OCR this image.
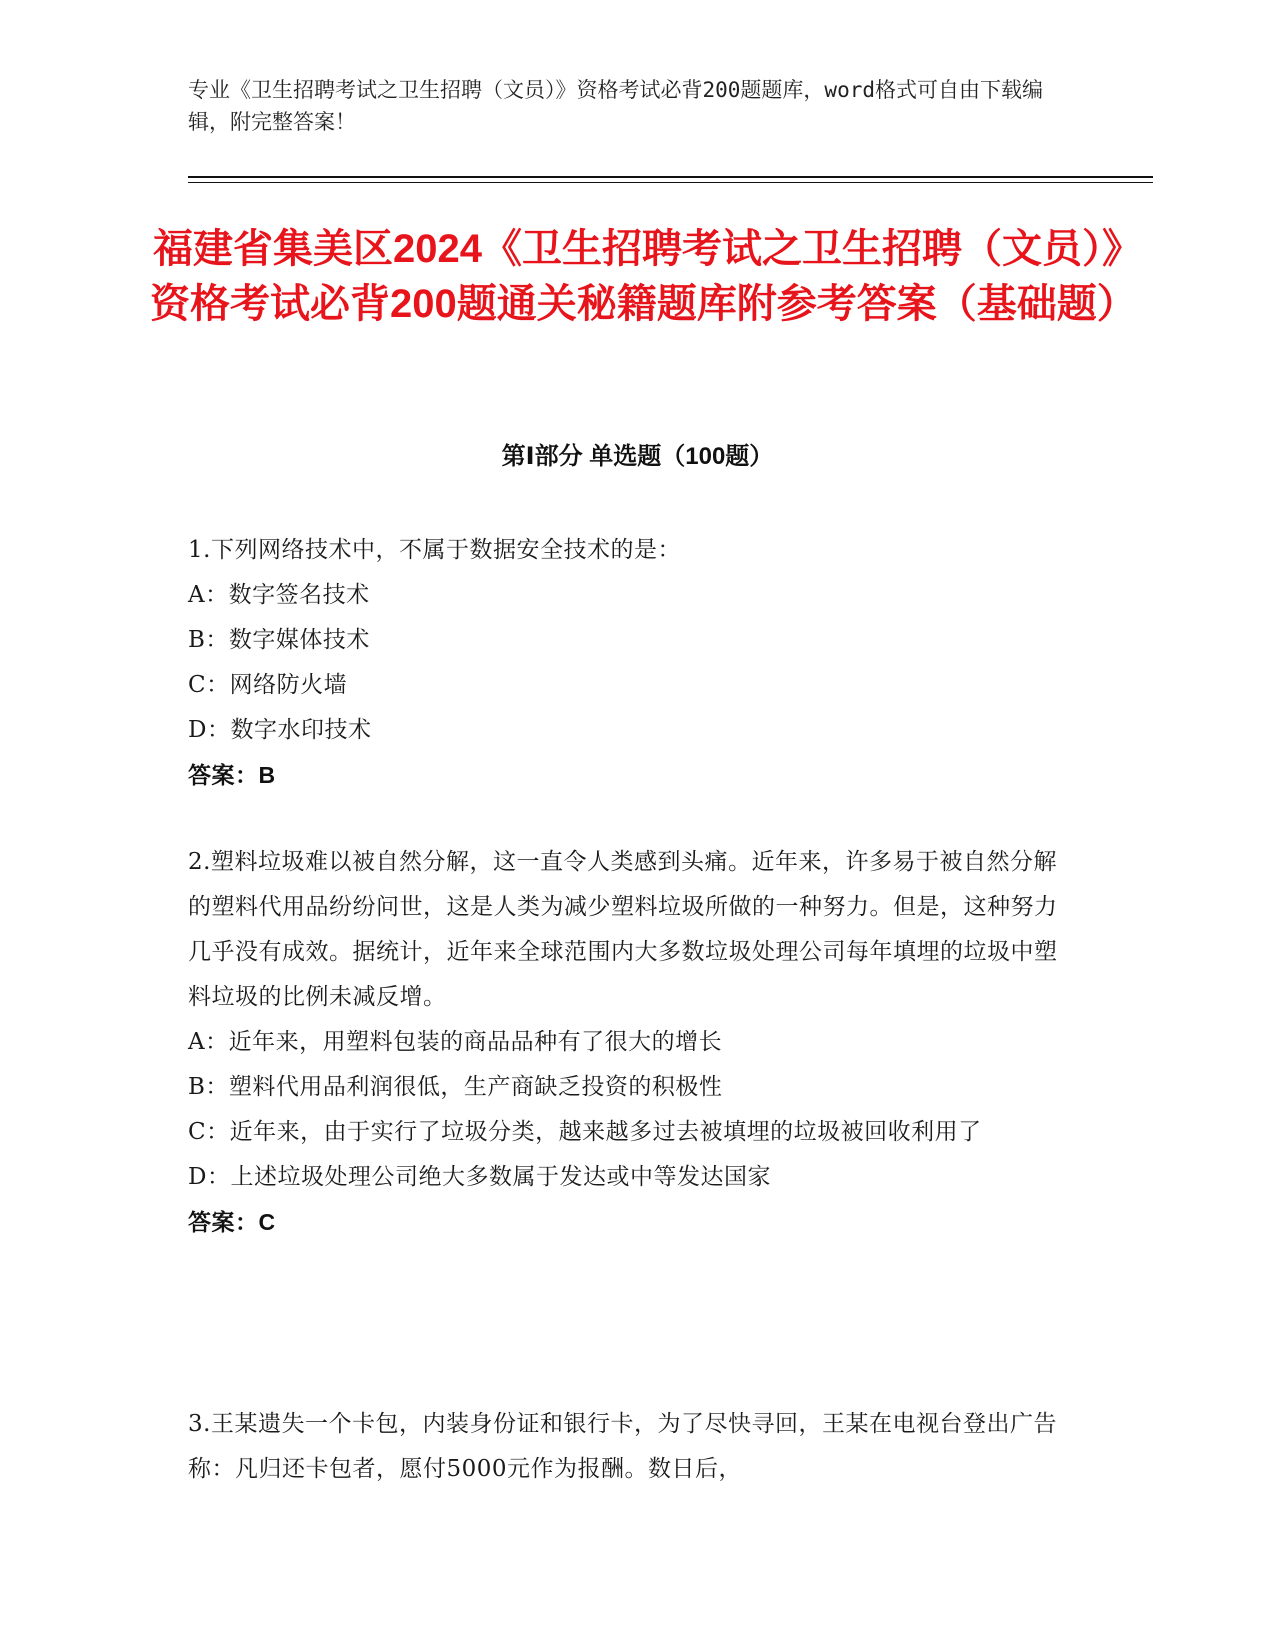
专业《卫生招聘考试之卫生招聘（文员）》资格考试必背200题题库，word格式可自由下载编辑，附完整答案！
福建省集美区2024《卫生招聘考试之卫生招聘（文员）》资格考试必背200题通关秘籍题库附参考答案（基础题）
第Ⅰ部分 单选题（100题）
1.下列网络技术中，不属于数据安全技术的是：
A：数字签名技术
B：数字媒体技术
C：网络防火墙
D：数字水印技术
答案：B
2.塑料垃圾难以被自然分解，这一直令人类感到头痛。近年来，许多易于被自然分解的塑料代用品纷纷问世，这是人类为减少塑料垃圾所做的一种努力。但是，这种努力几乎没有成效。据统计，近年来全球范围内大多数垃圾处理公司每年填埋的垃圾中塑料垃圾的比例未减反增。
A：近年来，用塑料包装的商品品种有了很大的增长
B：塑料代用品利润很低，生产商缺乏投资的积极性
C：近年来，由于实行了垃圾分类，越来越多过去被填埋的垃圾被回收利用了
D：上述垃圾处理公司绝大多数属于发达或中等发达国家
答案：C
3.王某遗失一个卡包，内装身份证和银行卡，为了尽快寻回，王某在电视台登出广告称：凡归还卡包者，愿付5000元作为报酬。数日后，
